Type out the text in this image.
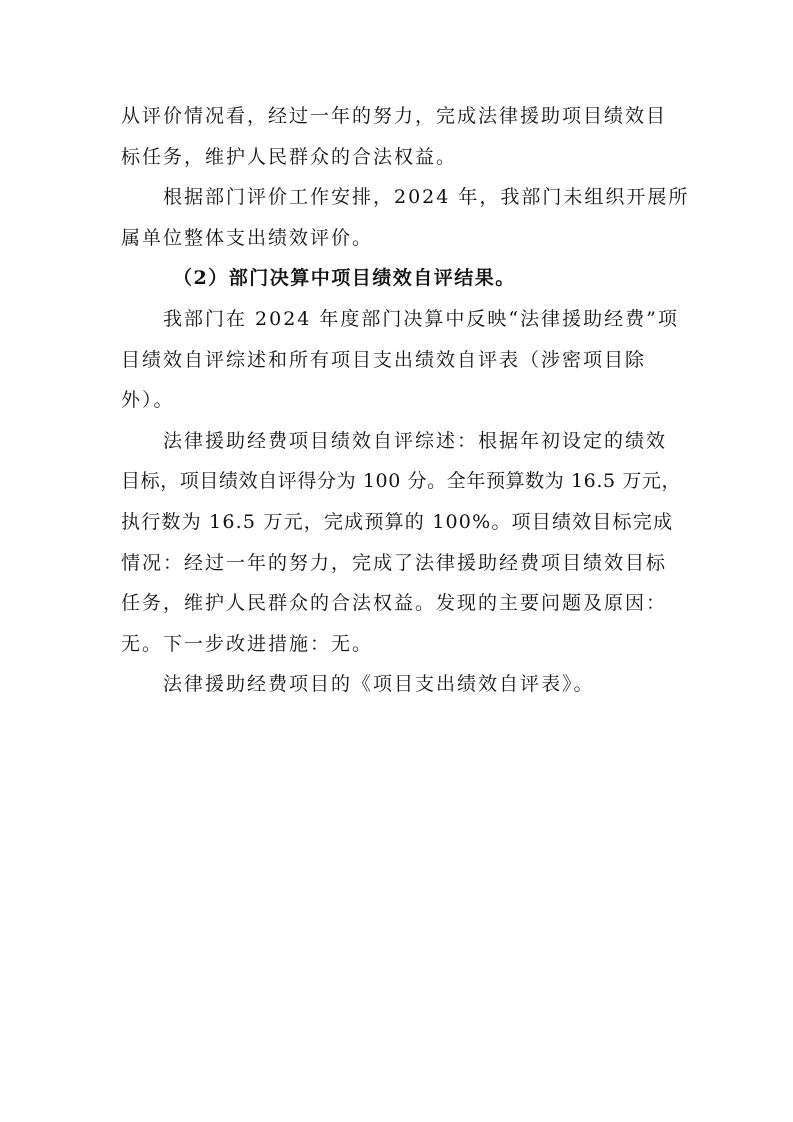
从评价情况看，经过一年的努力，完成法律援助项目绩效目
标任务，维护人民群众的合法权益。
根据部门评价工作安排，2024 年，我部门未组织开展所
属单位整体支出绩效评价。
（2）部门决算中项目绩效自评结果。
我部门在 2024 年度部门决算中反映“法律援助经费”项
目绩效自评综述和所有项目支出绩效自评表（涉密项目除
外）。
法律援助经费项目绩效自评综述：根据年初设定的绩效
目标，项目绩效自评得分为 100 分。全年预算数为 16.5 万元，
执行数为 16.5 万元，完成预算的 100%。项目绩效目标完成
情况：经过一年的努力，完成了法律援助经费项目绩效目标
任务，维护人民群众的合法权益。发现的主要问题及原因：
无。下一步改进措施：无。
法律援助经费项目的《项目支出绩效自评表》。
